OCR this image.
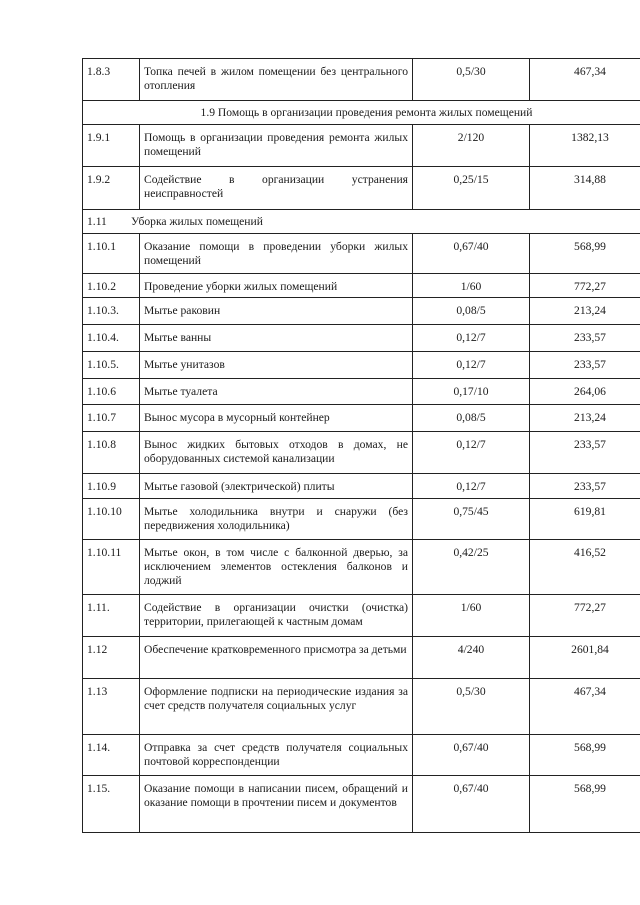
1.8.3	Топка печей в жилом помещении без центрального отопления	0,5/30	467,34
1.9 Помощь в организации проведения ремонта жилых помещений			
1.9.1	Помощь в организации проведения ремонта жилых помещений	2/120	1382,13
1.9.2	Содействие в организации устранения неисправностей	0,25/15	314,88
1.11 Уборка жилых помещений			
1.10.1	Оказание помощи в проведении уборки жилых помещений	0,67/40	568,99
1.10.2	Проведение уборки жилых помещений	1/60	772,27
1.10.3.	Мытье раковин	0,08/5	213,24
1.10.4.	Мытье ванны	0,12/7	233,57
1.10.5.	Мытье унитазов	0,12/7	233,57
1.10.6	Мытье туалета	0,17/10	264,06
1.10.7	Вынос мусора в мусорный контейнер	0,08/5	213,24
1.10.8	Вынос жидких бытовых отходов в домах, не оборудованных системой канализации	0,12/7	233,57
1.10.9	Мытье газовой (электрической) плиты	0,12/7	233,57
1.10.10	Мытье холодильника внутри и снаружи (без передвижения холодильника)	0,75/45	619,81
1.10.11	Мытье окон, в том числе с балконной дверью, за исключением элементов остекления балконов и лоджий	0,42/25	416,52
1.11.	Содействие в организации очистки (очистка) территории, прилегающей к частным домам	1/60	772,27
1.12	Обеспечение кратковременного присмотра за детьми	4/240	2601,84
1.13	Оформление подписки на периодические издания за счет средств получателя социальных услуг	0,5/30	467,34
1.14.	Отправка за счет средств получателя социальных почтовой корреспонденции	0,67/40	568,99
1.15.	Оказание помощи в написании писем, обращений и оказание помощи в прочтении писем и документов	0,67/40	568,99
